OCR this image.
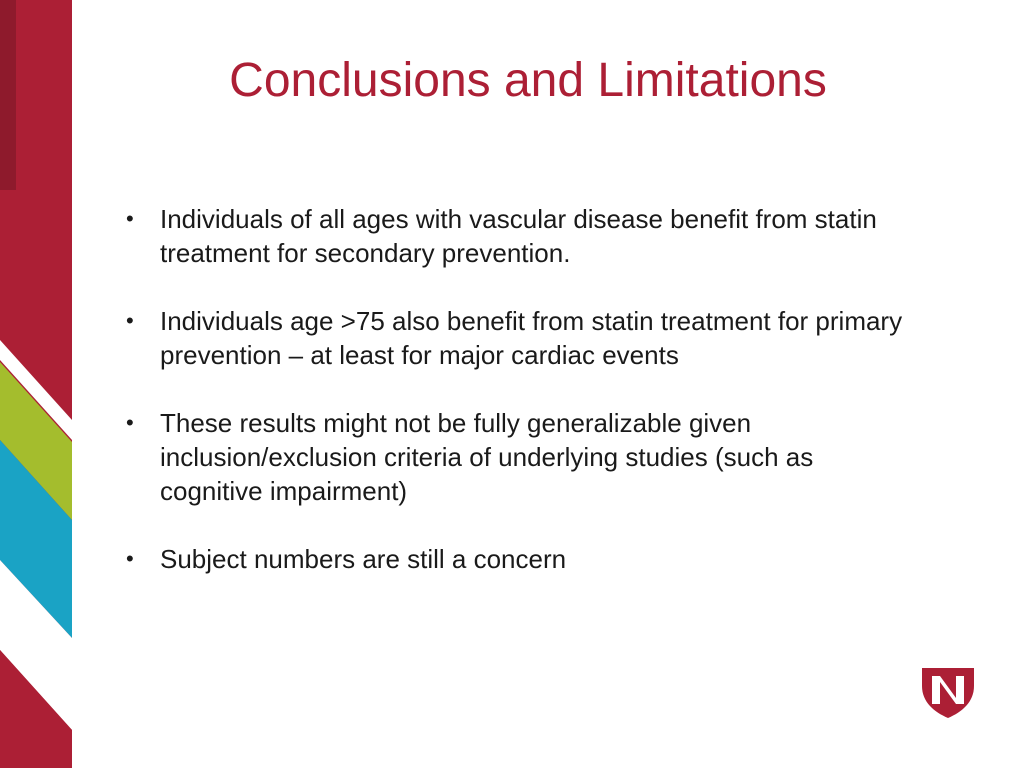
Conclusions and Limitations
• Individuals of all ages with vascular disease benefit from statin treatment for secondary prevention.
• Individuals age >75 also benefit from statin treatment for primary prevention – at least for major cardiac events
• These results might not be fully generalizable given inclusion/exclusion criteria of underlying studies (such as cognitive impairment)
• Subject numbers are still a concern
